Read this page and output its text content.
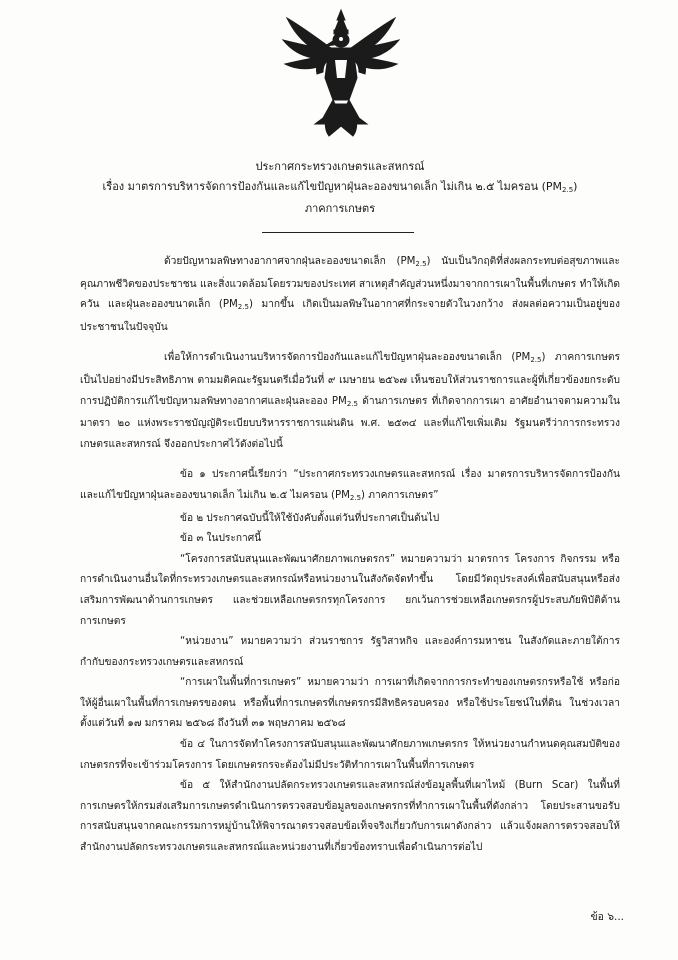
ประกาศกระทรวงเกษตรและสหกรณ์
เรื่อง มาตรการบริหารจัดการป้องกันและแก้ไขปัญหาฝุ่นละอองขนาดเล็ก ไม่เกิน ๒.๕ ไมครอน $(PM_{2.5})$
ภาคการเกษตร

ด้วยปัญหามลพิษทางอากาศจากฝุ่นละอองขนาดเล็ก $(PM_{2.5})$ นับเป็นวิกฤติที่ส่งผลกระทบต่อสุขภาพและคุณภาพชีวิตของประชาชน และสิ่งแวดล้อมโดยรวมของประเทศ สาเหตุสำคัญส่วนหนึ่งมาจากการเผาในพื้นที่เกษตร ทำให้เกิดควัน และฝุ่นละอองขนาดเล็ก $(PM_{2.5})$ มากขึ้น เกิดเป็นมลพิษในอากาศที่กระจายตัวในวงกว้าง ส่งผลต่อความเป็นอยู่ของประชาชนในปัจจุบัน

เพื่อให้การดำเนินงานบริหารจัดการป้องกันและแก้ไขปัญหาฝุ่นละอองขนาดเล็ก $(PM_{2.5})$ ภาคการเกษตร เป็นไปอย่างมีประสิทธิภาพ ตามมติคณะรัฐมนตรีเมื่อวันที่ ๙ เมษายน ๒๕๖๗ เห็นชอบให้ส่วนราชการและผู้ที่เกี่ยวข้องยกระดับการปฏิบัติการแก้ไขปัญหามลพิษทางอากาศและฝุ่นละออง $PM_{2.5}$ ด้านการเกษตร ที่เกิดจากการเผา อาศัยอำนาจตามความในมาตรา ๒๐ แห่งพระราชบัญญัติระเบียบบริหารราชการแผ่นดิน พ.ศ. ๒๕๓๔ และที่แก้ไขเพิ่มเติม รัฐมนตรีว่าการกระทรวงเกษตรและสหกรณ์ จึงออกประกาศไว้ดังต่อไปนี้

ข้อ ๑ ประกาศนี้เรียกว่า “ประกาศกระทรวงเกษตรและสหกรณ์ เรื่อง มาตรการบริหารจัดการป้องกันและแก้ไขปัญหาฝุ่นละอองขนาดเล็ก ไม่เกิน ๒.๕ ไมครอน $(PM_{2.5})$ ภาคการเกษตร”

ข้อ ๒ ประกาศฉบับนี้ให้ใช้บังคับตั้งแต่วันที่ประกาศเป็นต้นไป

ข้อ ๓ ในประกาศนี้

“โครงการสนับสนุนและพัฒนาศักยภาพเกษตรกร” หมายความว่า มาตรการ โครงการ กิจกรรม หรือการดำเนินงานอื่นใดที่กระทรวงเกษตรและสหกรณ์หรือหน่วยงานในสังกัดจัดทำขึ้น โดยมีวัตถุประสงค์เพื่อสนับสนุนหรือส่งเสริมการพัฒนาด้านการเกษตร และช่วยเหลือเกษตรกรทุกโครงการ ยกเว้นการช่วยเหลือเกษตรกรผู้ประสบภัยพิบัติด้านการเกษตร

“หน่วยงาน” หมายความว่า ส่วนราชการ รัฐวิสาหกิจ และองค์การมหาชน ในสังกัดและภายใต้การกำกับของกระทรวงเกษตรและสหกรณ์

“การเผาในพื้นที่การเกษตร” หมายความว่า การเผาที่เกิดจากการกระทำของเกษตรกรหรือใช้ หรือก่อให้ผู้อื่นเผาในพื้นที่การเกษตรของตน หรือพื้นที่การเกษตรที่เกษตรกรมีสิทธิครอบครอง หรือใช้ประโยชน์ในที่ดิน ในช่วงเวลาตั้งแต่วันที่ ๑๗ มกราคม ๒๕๖๘ ถึงวันที่ ๓๑ พฤษภาคม ๒๕๖๘

ข้อ ๔ ในการจัดทำโครงการสนับสนุนและพัฒนาศักยภาพเกษตรกร ให้หน่วยงานกำหนดคุณสมบัติของเกษตรกรที่จะเข้าร่วมโครงการ โดยเกษตรกรจะต้องไม่มีประวัติทำการเผาในพื้นที่การเกษตร

ข้อ ๕ ให้สำนักงานปลัดกระทรวงเกษตรและสหกรณ์ส่งข้อมูลพื้นที่เผาไหม้ (Burn Scar) ในพื้นที่การเกษตรให้กรมส่งเสริมการเกษตรดำเนินการตรวจสอบข้อมูลของเกษตรกรที่ทำการเผาในพื้นที่ดังกล่าว โดยประสานขอรับการสนับสนุนจากคณะกรรมการหมู่บ้านให้พิจารณาตรวจสอบข้อเท็จจริงเกี่ยวกับการเผาดังกล่าว แล้วแจ้งผลการตรวจสอบให้สำนักงานปลัดกระทรวงเกษตรและสหกรณ์และหน่วยงานที่เกี่ยวข้องทราบเพื่อดำเนินการต่อไป

ข้อ ๖...
